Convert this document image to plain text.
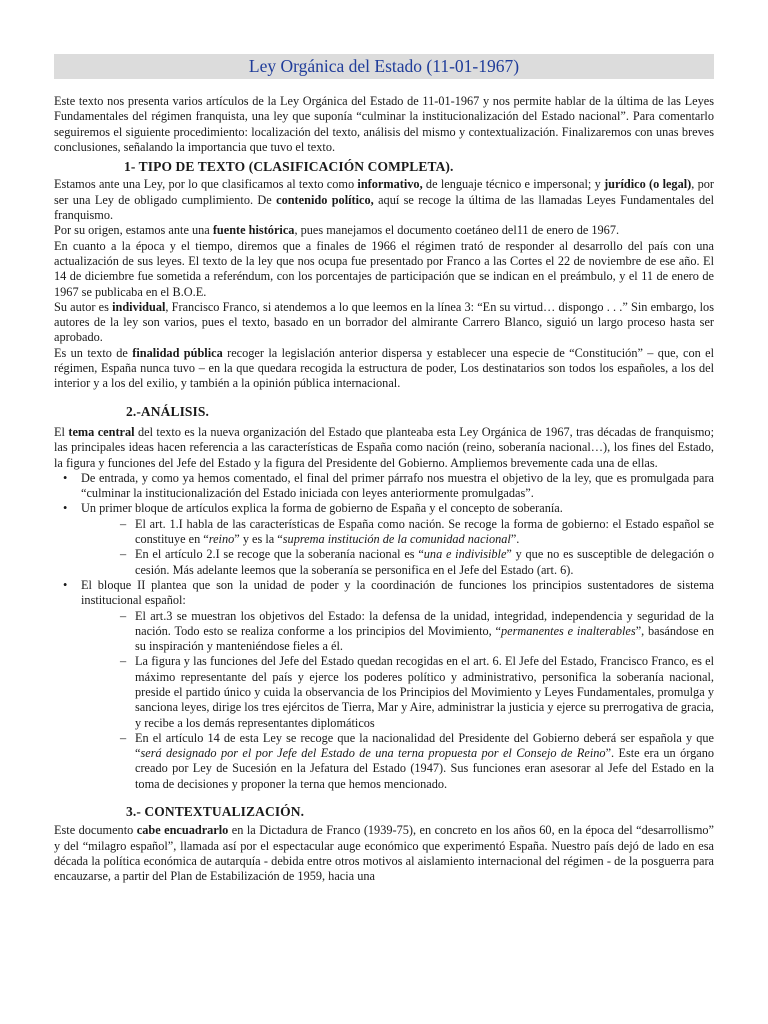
Ley Orgánica del Estado (11-01-1967)

Este texto nos presenta varios artículos de la Ley Orgánica del Estado de 11-01-1967 y nos permite hablar de la última de las Leyes Fundamentales del régimen franquista, una ley que suponía “culminar la institucionalización del Estado nacional”. Para comentarlo seguiremos el siguiente procedimiento: localización del texto, análisis del mismo y contextualización. Finalizaremos con unas breves conclusiones, señalando la importancia que tuvo el texto.

1- TIPO DE TEXTO (CLASIFICACIÓN COMPLETA).

Estamos ante una Ley, por lo que clasificamos al texto como informativo, de lenguaje técnico e impersonal; y jurídico (o legal), por ser una Ley de obligado cumplimiento. De contenido político, aquí se recoge la última de las llamadas Leyes Fundamentales del franquismo.

Por su origen, estamos ante una fuente histórica, pues manejamos el documento coetáneo del11 de enero de 1967.

En cuanto a la época y el tiempo, diremos que a finales de 1966 el régimen trató de responder al desarrollo del país con una actualización de sus leyes. El texto de la ley que nos ocupa fue presentado por Franco a las Cortes el 22 de noviembre de ese año. El 14 de diciembre fue sometida a referéndum, con los porcentajes de participación que se indican en el preámbulo, y el 11 de enero de 1967 se publicaba en el B.O.E.

Su autor es individual, Francisco Franco, si atendemos a lo que leemos en la línea 3: “En su virtud… dispongo . . .” Sin embargo, los autores de la ley son varios, pues el texto, basado en un borrador del almirante Carrero Blanco, siguió un largo proceso hasta ser aprobado.

Es un texto de finalidad pública recoger la legislación anterior dispersa y establecer una especie de “Constitución” – que, con el régimen, España nunca tuvo – en la que quedara recogida la estructura de poder, Los destinatarios son todos los españoles, a los del interior y a los del exilio, y también a la opinión pública internacional.

2.-ANÁLISIS.

El tema central del texto es la nueva organización del Estado que planteaba esta Ley Orgánica de 1967, tras décadas de franquismo; las principales ideas hacen referencia a las características de España como nación (reino, soberanía nacional…), los fines del Estado, la figura y funciones del Jefe del Estado y la figura del Presidente del Gobierno. Ampliemos brevemente cada una de ellas.

• De entrada, y como ya hemos comentado, el final del primer párrafo nos muestra el objetivo de la ley, que es promulgada para “culminar la institucionalización del Estado iniciada con leyes anteriormente promulgadas”.
• Un primer bloque de artículos explica la forma de gobierno de España y el concepto de soberanía.
– El art. 1.I habla de las características de España como nación. Se recoge la forma de gobierno: el Estado español se constituye en “reino” y es la “suprema institución de la comunidad nacional”.
– En el artículo 2.I se recoge que la soberanía nacional es “una e indivisible” y que no es susceptible de delegación o cesión. Más adelante leemos que la soberanía se personifica en el Jefe del Estado (art. 6).
• El bloque II plantea que son la unidad de poder y la coordinación de funciones los principios sustentadores de sistema institucional español:
– El art.3 se muestran los objetivos del Estado: la defensa de la unidad, integridad, independencia y seguridad de la nación. Todo esto se realiza conforme a los principios del Movimiento, “permanentes e inalterables”, basándose en su inspiración y manteniéndose fieles a él.
– La figura y las funciones del Jefe del Estado quedan recogidas en el art. 6. El Jefe del Estado, Francisco Franco, es el máximo representante del país y ejerce los poderes político y administrativo, personifica la soberanía nacional, preside el partido único y cuida la observancia de los Principios del Movimiento y Leyes Fundamentales, promulga y sanciona leyes, dirige los tres ejércitos de Tierra, Mar y Aire, administrar la justicia y ejerce su prerrogativa de gracia, y recibe a los demás representantes diplomáticos
– En el artículo 14 de esta Ley se recoge que la nacionalidad del Presidente del Gobierno deberá ser española y que “será designado por el por Jefe del Estado de una terna propuesta por el Consejo de Reino”. Este era un órgano creado por Ley de Sucesión en la Jefatura del Estado (1947). Sus funciones eran asesorar al Jefe del Estado en la toma de decisiones y proponer la terna que hemos mencionado.
3.- CONTEXTUALIZACIÓN.

Este documento cabe encuadrarlo en la Dictadura de Franco (1939-75), en concreto en los años 60, en la época del “desarrollismo” y del “milagro español”, llamada así por el espectacular auge económico que experimentó España. Nuestro país dejó de lado en esa década la política económica de autarquía - debida entre otros motivos al aislamiento internacional del régimen - de la posguerra para encauzarse, a partir del Plan de Estabilización de 1959, hacia una
